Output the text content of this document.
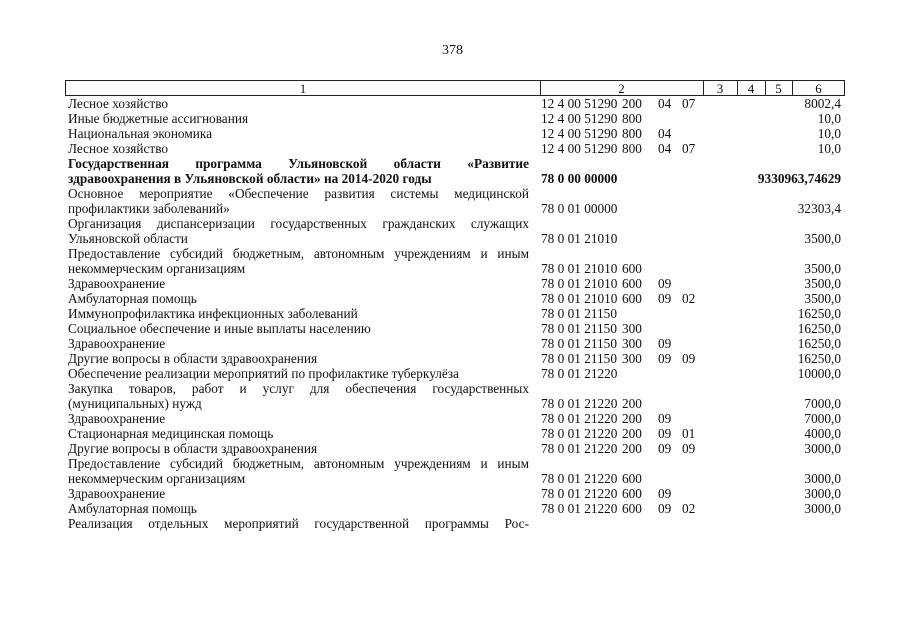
378
1	2	3	4	5	6
Лесное хозяйство	12 4 00 51290 200 04 07	8002,4
Иные бюджетные ассигнования	12 4 00 51290 800	10,0
Национальная экономика	12 4 00 51290 800 04	10,0
Лесное хозяйство	12 4 00 51290 800 04 07	10,0
Государственная программа Ульяновской области «Развитие здравоохранения в Ульяновской области» на 2014-2020 годы	78 0 00 00000	9330963,74629
Основное мероприятие «Обеспечение развития системы медицинской профилактики заболеваний»	78 0 01 00000	32303,4
Организация диспансеризации государственных гражданских служащих Ульяновской области	78 0 01 21010	3500,0
Предоставление субсидий бюджетным, автономным учреждениям и иным некоммерческим организациям	78 0 01 21010 600	3500,0
Здравоохранение	78 0 01 21010 600 09	3500,0
Амбулаторная помощь	78 0 01 21010 600 09 02	3500,0
Иммунопрофилактика инфекционных заболеваний	78 0 01 21150	16250,0
Социальное обеспечение и иные выплаты населению	78 0 01 21150 300	16250,0
Здравоохранение	78 0 01 21150 300 09	16250,0
Другие вопросы в области здравоохранения	78 0 01 21150 300 09 09	16250,0
Обеспечение реализации мероприятий по профилактике туберкулёза	78 0 01 21220	10000,0
Закупка товаров, работ и услуг для обеспечения государственных (муниципальных) нужд	78 0 01 21220 200	7000,0
Здравоохранение	78 0 01 21220 200 09	7000,0
Стационарная медицинская помощь	78 0 01 21220 200 09 01	4000,0
Другие вопросы в области здравоохранения	78 0 01 21220 200 09 09	3000,0
Предоставление субсидий бюджетным, автономным учреждениям и иным некоммерческим организациям	78 0 01 21220 600	3000,0
Здравоохранение	78 0 01 21220 600 09	3000,0
Амбулаторная помощь	78 0 01 21220 600 09 02	3000,0
Реализация отдельных мероприятий государственной программы Рос-
